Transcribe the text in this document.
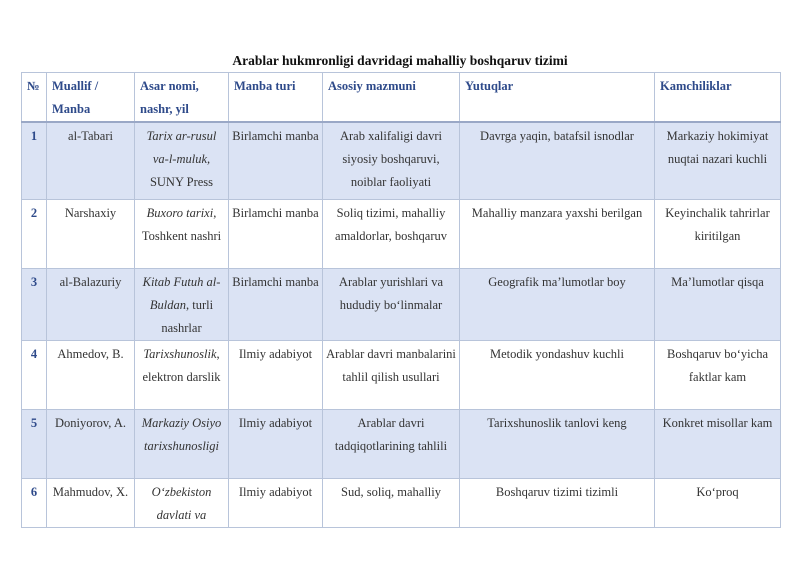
Arablar hukmronligi davridagi mahalliy boshqaruv tizimi
№	Muallif / Manba	Asar nomi, nashr, yil	Manba turi	Asosiy mazmuni	Yutuqlar	Kamchiliklar
1	al-Tabari	Tarix ar-rusul va-l-muluk, SUNY Press	Birlamchi manba	Arab xalifaligi davri siyosiy boshqaruvi, noiblar faoliyati	Davrga yaqin, batafsil isnodlar	Markaziy hokimiyat nuqtai nazari kuchli
2	Narshaxiy	Buxoro tarixi, Toshkent nashri	Birlamchi manba	Soliq tizimi, mahalliy amaldorlar, boshqaruv	Mahalliy manzara yaxshi berilgan	Keyinchalik tahrirlar kiritilgan
3	al-Balazuriy	Kitab Futuh al-Buldan, turli nashrlar	Birlamchi manba	Arablar yurishlari va hududiy bo‘linmalar	Geografik ma’lumotlar boy	Ma’lumotlar qisqa
4	Ahmedov, B.	Tarixshunoslik, elektron darslik	Ilmiy adabiyot	Arablar davri manbalarini tahlil qilish usullari	Metodik yondashuv kuchli	Boshqaruv bo‘yicha faktlar kam
5	Doniyorov, A.	Markaziy Osiyo tarixshunosligi	Ilmiy adabiyot	Arablar davri tadqiqotlarining tahlili	Tarixshunoslik tanlovi keng	Konkret misollar kam
6	Mahmudov, X.	O‘zbekiston davlati va	Ilmiy adabiyot	Sud, soliq, mahalliy	Boshqaruv tizimi tizimli	Ko‘proq
